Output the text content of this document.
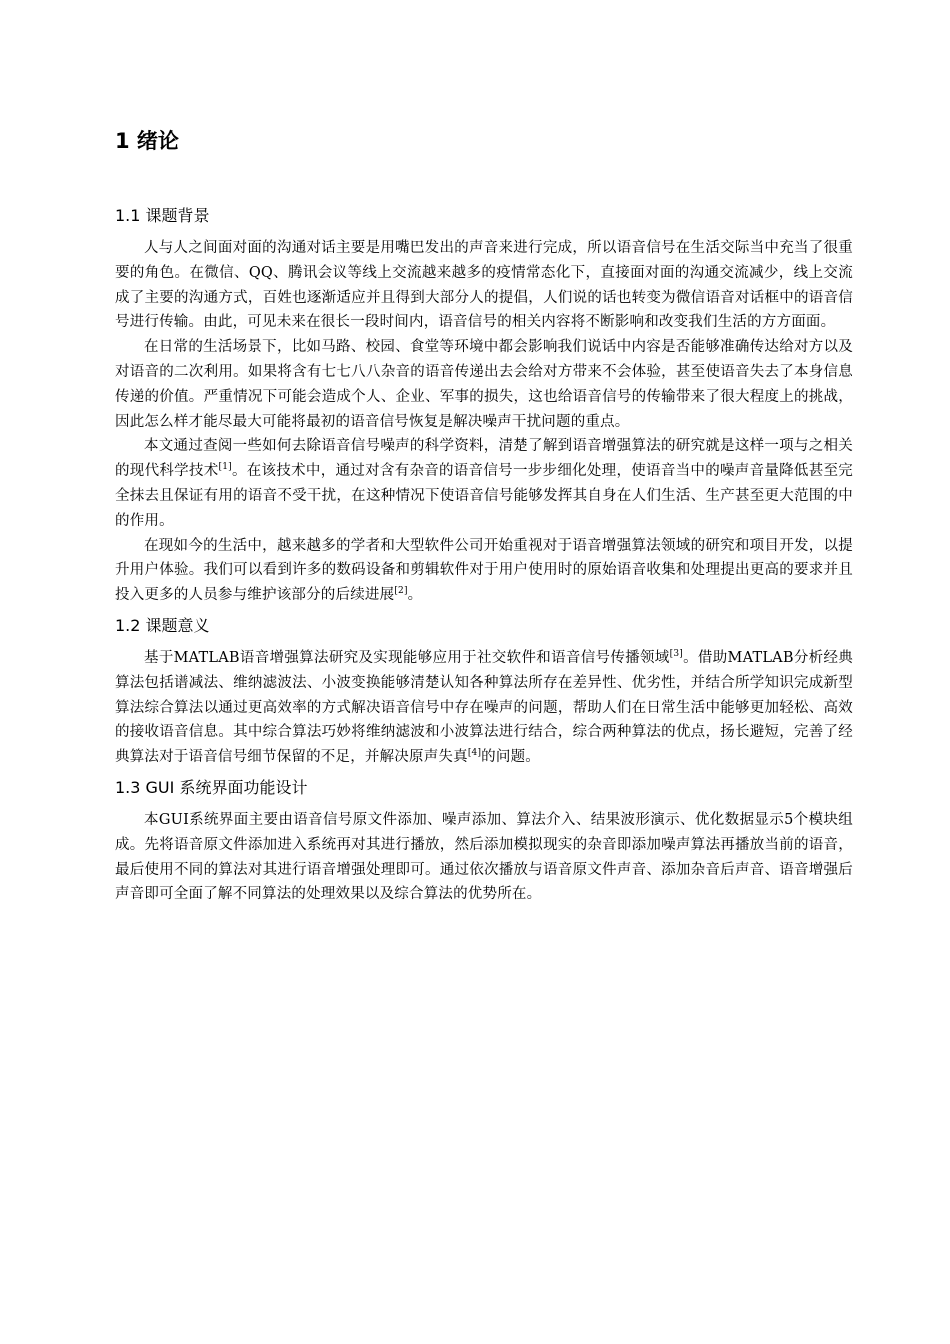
1 绪论
1.1 课题背景

人与人之间面对面的沟通对话主要是用嘴巴发出的声音来进行完成，所以语音信号在生活交际当中充当了很重要的角色。在微信、QQ、腾讯会议等线上交流越来越多的疫情常态化下，直接面对面的沟通交流减少，线上交流成了主要的沟通方式，百姓也逐渐适应并且得到大部分人的提倡，人们说的话也转变为微信语音对话框中的语音信号进行传输。由此，可见未来在很长一段时间内，语音信号的相关内容将不断影响和改变我们生活的方方面面。

在日常的生活场景下，比如马路、校园、食堂等环境中都会影响我们说话中内容是否能够准确传达给对方以及对语音的二次利用。如果将含有七七八八杂音的语音传递出去会给对方带来不会体验，甚至使语音失去了本身信息传递的价值。严重情况下可能会造成个人、企业、军事的损失，这也给语音信号的传输带来了很大程度上的挑战，因此怎么样才能尽最大可能将最初的语音信号恢复是解决噪声干扰问题的重点。

本文通过查阅一些如何去除语音信号噪声的科学资料，清楚了解到语音增强算法的研究就是这样一项与之相关的现代科学技术[1]。在该技术中，通过对含有杂音的语音信号一步步细化处理，使语音当中的噪声音量降低甚至完全抹去且保证有用的语音不受干扰，在这种情况下使语音信号能够发挥其自身在人们生活、生产甚至更大范围的中的作用。

在现如今的生活中，越来越多的学者和大型软件公司开始重视对于语音增强算法领域的研究和项目开发，以提升用户体验。我们可以看到许多的数码设备和剪辑软件对于用户使用时的原始语音收集和处理提出更高的要求并且投入更多的人员参与维护该部分的后续进展[2]。

1.2 课题意义

基于MATLAB语音增强算法研究及实现能够应用于社交软件和语音信号传播领域[3]。借助MATLAB分析经典算法包括谱减法、维纳滤波法、小波变换能够清楚认知各种算法所存在差异性、优劣性，并结合所学知识完成新型算法综合算法以通过更高效率的方式解决语音信号中存在噪声的问题，帮助人们在日常生活中能够更加轻松、高效的接收语音信息。其中综合算法巧妙将维纳滤波和小波算法进行结合，综合两种算法的优点，扬长避短，完善了经典算法对于语音信号细节保留的不足，并解决原声失真[4]的问题。

1.3 GUI 系统界面功能设计

本GUI系统界面主要由语音信号原文件添加、噪声添加、算法介入、结果波形演示、优化数据显示5个模块组成。先将语音原文件添加进入系统再对其进行播放，然后添加模拟现实的杂音即添加噪声算法再播放当前的语音，最后使用不同的算法对其进行语音增强处理即可。通过依次播放与语音原文件声音、添加杂音后声音、语音增强后声音即可全面了解不同算法的处理效果以及综合算法的优势所在。
